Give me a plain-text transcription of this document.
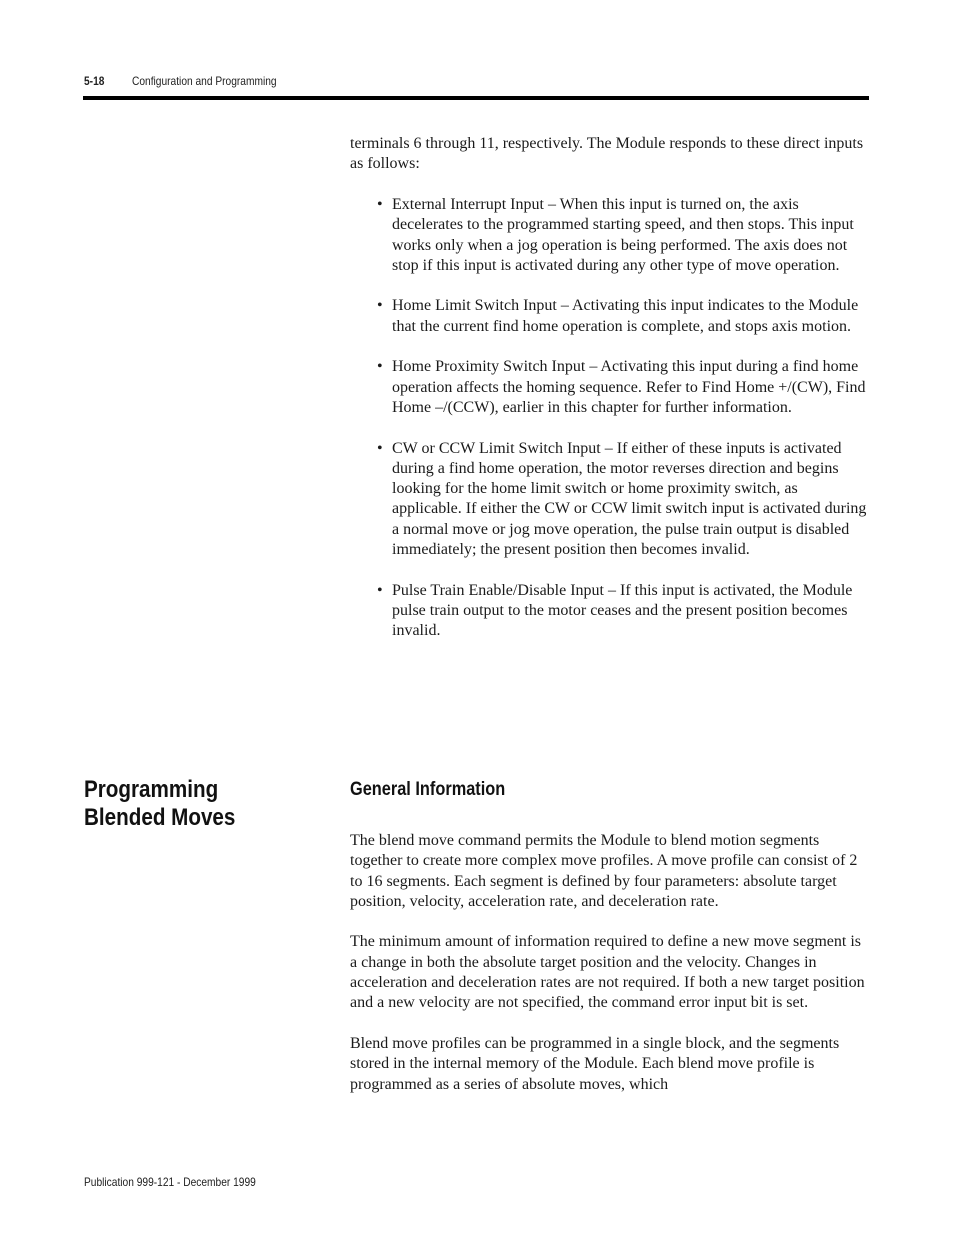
5-18 Configuration and Programming

terminals 6 through 11, respectively. The Module responds to these direct inputs as follows:

• External Interrupt Input – When this input is turned on, the axis decelerates to the programmed starting speed, and then stops. This input works only when a jog operation is being performed. The axis does not stop if this input is activated during any other type of move operation.
• Home Limit Switch Input – Activating this input indicates to the Module that the current find home operation is complete, and stops axis motion.
• Home Proximity Switch Input – Activating this input during a find home operation affects the homing sequence. Refer to Find Home +/(CW), Find Home –/(CCW), earlier in this chapter for further information.
• CW or CCW Limit Switch Input – If either of these inputs is activated during a find home operation, the motor reverses direction and begins looking for the home limit switch or home proximity switch, as applicable. If either the CW or CCW limit switch input is activated during a normal move or jog move operation, the pulse train output is disabled immediately; the present position then becomes invalid.
• Pulse Train Enable/Disable Input – If this input is activated, the Module pulse train output to the motor ceases and the present position becomes invalid.
Programming Blended Moves
General Information

The blend move command permits the Module to blend motion segments together to create more complex move profiles. A move profile can consist of 2 to 16 segments. Each segment is defined by four parameters: absolute target position, velocity, acceleration rate, and deceleration rate.

The minimum amount of information required to define a new move segment is a change in both the absolute target position and the velocity. Changes in acceleration and deceleration rates are not required. If both a new target position and a new velocity are not specified, the command error input bit is set.

Blend move profiles can be programmed in a single block, and the segments stored in the internal memory of the Module. Each blend move profile is programmed as a series of absolute moves, which

Publication 999-121 - December 1999
